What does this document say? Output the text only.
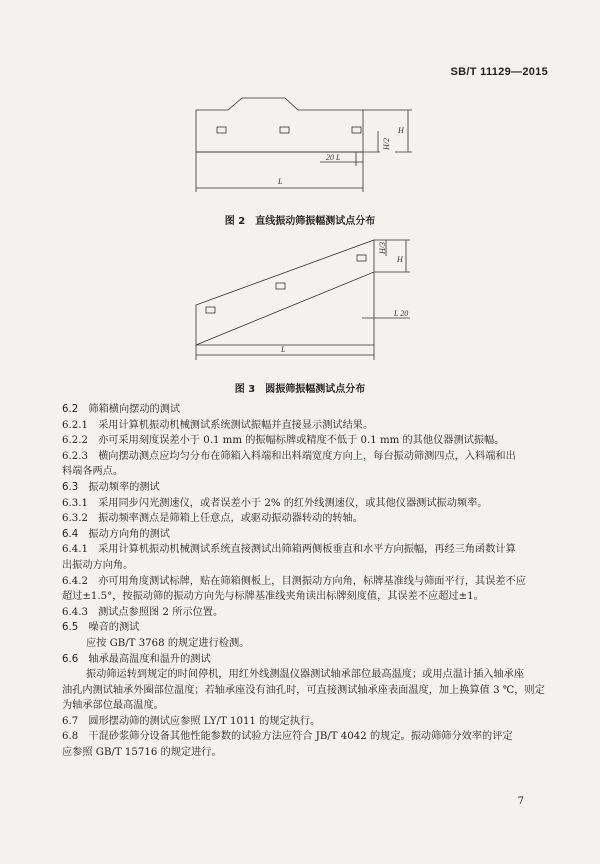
SB/T 11129—2015
H
H/2
20 L
L
图 2　直线振动筛振幅测试点分布
H
H/3
L 20
L
图 3　圆振筛振幅测试点分布
6.2　筛箱横向摆动的测试
6.2.1　采用计算机振动机械测试系统测试振幅并直接显示测试结果。
6.2.2　亦可采用刻度误差小于 0.1 mm 的振幅标牌或精度不低于 0.1 mm 的其他仪器测试振幅。
6.2.3　横向摆动测点应均匀分布在筛箱入料端和出料端宽度方向上，每台振动筛测四点，入料端和出
料端各两点。
6.3　振动频率的测试
6.3.1　采用同步闪光测速仪，或者误差小于 2% 的红外线测速仪，或其他仪器测试振动频率。
6.3.2　振动频率测点是筛箱上任意点，或驱动振动器转动的转轴。
6.4　振动方向角的测试
6.4.1　采用计算机振动机械测试系统直接测试出筛箱两侧板垂直和水平方向振幅，再经三角函数计算
出振动方向角。
6.4.2　亦可用角度测试标牌，贴在筛箱侧板上，目测振动方向角，标牌基准线与筛面平行，其误差不应
超过±1.5°，按振动筛的振动方向先与标牌基准线夹角读出标牌刻度值，其误差不应超过±1。
6.4.3　测试点参照图 2 所示位置。
6.5　噪音的测试
应按 GB/T 3768 的规定进行检测。
6.6　轴承最高温度和温升的测试
振动筛运转到规定的时间停机，用红外线测温仪器测试轴承部位最高温度；或用点温计插入轴承座
油孔内测试轴承外圈部位温度；若轴承座没有油孔时，可直接测试轴承座表面温度，加上换算值 3 ℃，则定
为轴承部位最高温度。
6.7　圆形摆动筛的测试应参照 LY/T 1011 的规定执行。
6.8　干混砂浆筛分设备其他性能参数的试验方法应符合 JB/T 4042 的规定。振动筛筛分效率的评定
应参照 GB/T 15716 的规定进行。
7
